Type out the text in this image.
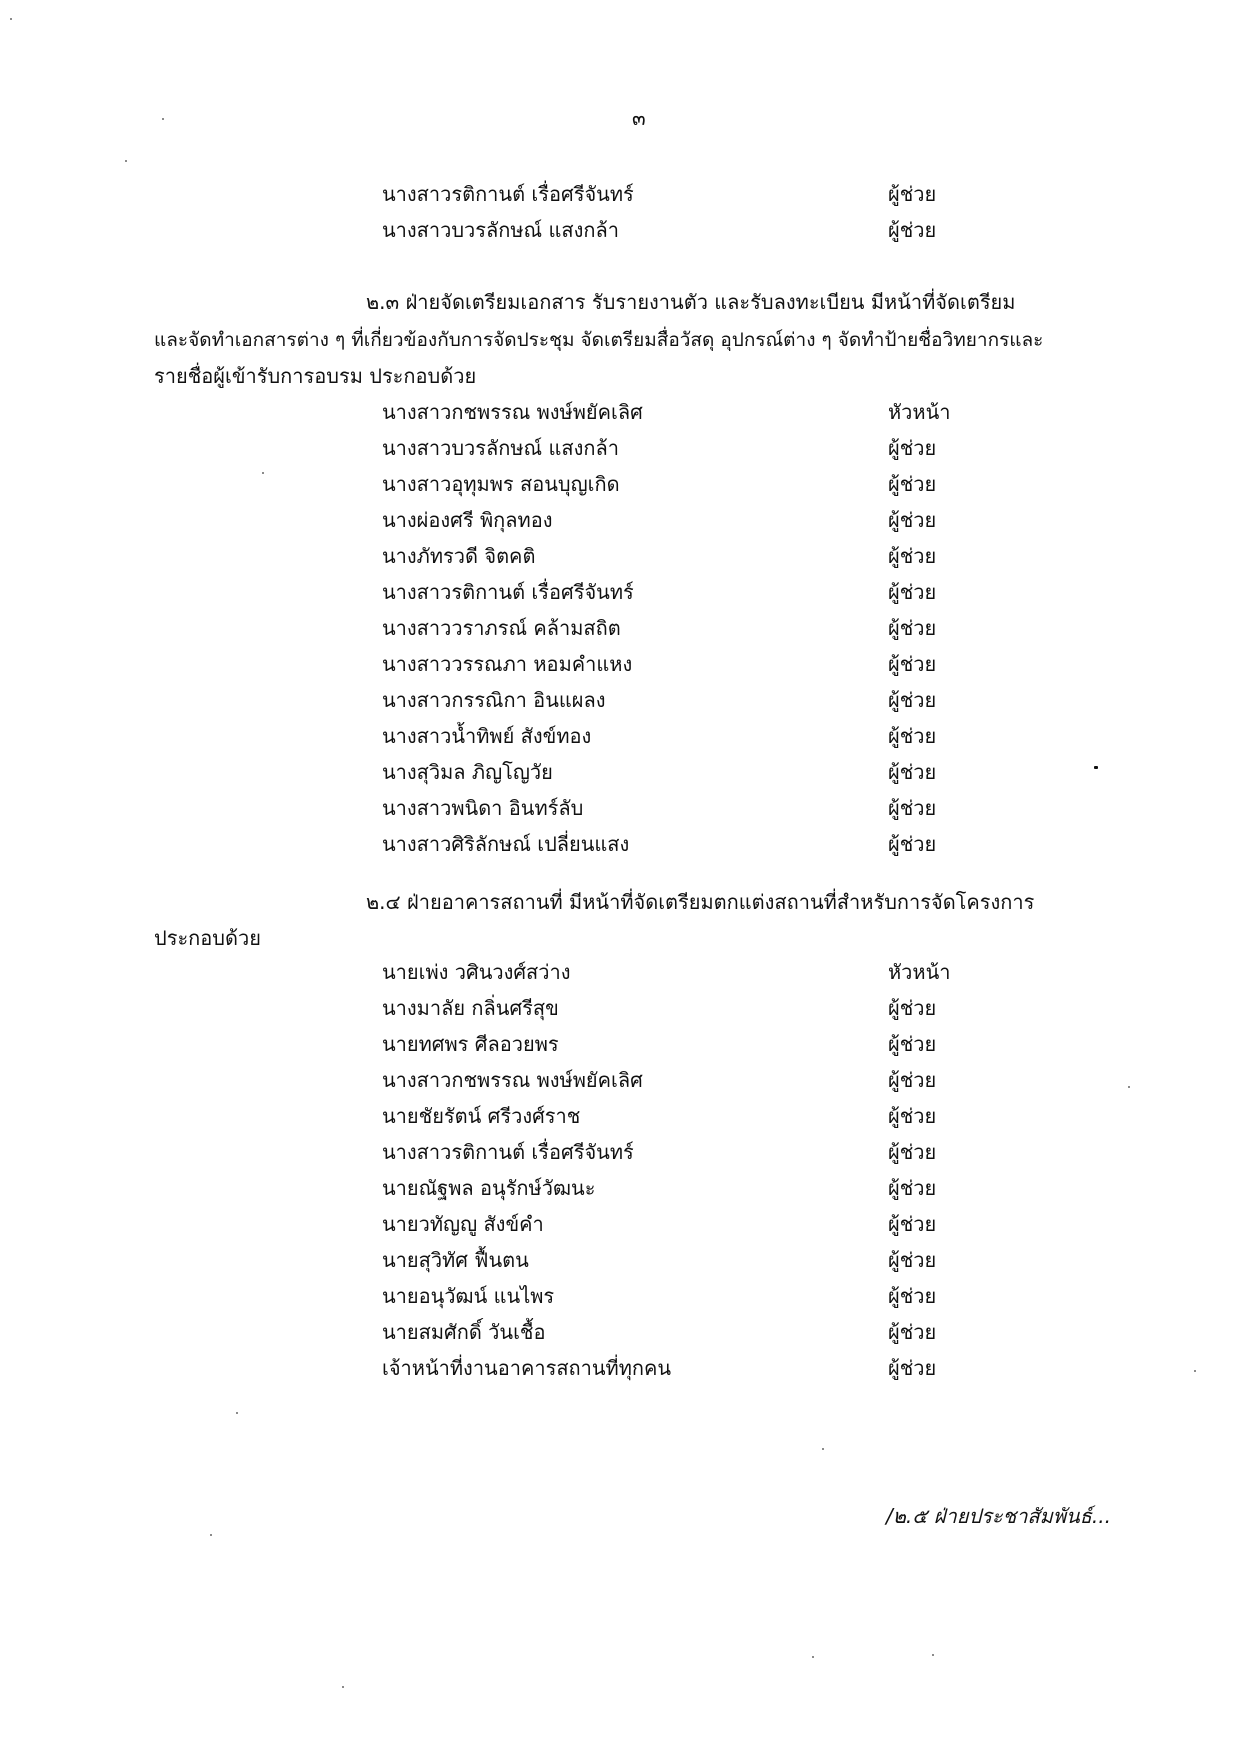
๓
นางสาวรติกานต์ เรื่อศรีจันทร์	ผู้ช่วย
นางสาวบวรลักษณ์ แสงกล้า	ผู้ช่วย
๒.๓ ฝ่ายจัดเตรียมเอกสาร รับรายงานตัว และรับลงทะเบียน มีหน้าที่จัดเตรียม
และจัดทำเอกสารต่าง ๆ ที่เกี่ยวข้องกับการจัดประชุม จัดเตรียมสื่อวัสดุ อุปกรณ์ต่าง ๆ จัดทำป้ายชื่อวิทยากรและ
รายชื่อผู้เข้ารับการอบรม ประกอบด้วย
นางสาวกชพรรณ พงษ์พยัคเลิศ	หัวหน้า
นางสาวบวรลักษณ์ แสงกล้า	ผู้ช่วย
นางสาวอุทุมพร สอนบุญเกิด	ผู้ช่วย
นางผ่องศรี พิกุลทอง	ผู้ช่วย
นางภัทรวดี จิตคติ	ผู้ช่วย
นางสาวรติกานต์ เรื่อศรีจันทร์	ผู้ช่วย
นางสาววราภรณ์ คล้ามสถิต	ผู้ช่วย
นางสาววรรณภา หอมคำแหง	ผู้ช่วย
นางสาวกรรณิกา อินแผลง	ผู้ช่วย
นางสาวน้ำทิพย์ สังข์ทอง	ผู้ช่วย
นางสุวิมล ภิญโญวัย	ผู้ช่วย
นางสาวพนิดา อินทร์ลับ	ผู้ช่วย
นางสาวศิริลักษณ์ เปลี่ยนแสง	ผู้ช่วย
๒.๔ ฝ่ายอาคารสถานที่ มีหน้าที่จัดเตรียมตกแต่งสถานที่สำหรับการจัดโครงการ
ประกอบด้วย
นายเพ่ง วศินวงศ์สว่าง	หัวหน้า
นางมาลัย กลิ่นศรีสุข	ผู้ช่วย
นายทศพร ศีลอวยพร	ผู้ช่วย
นางสาวกชพรรณ พงษ์พยัคเลิศ	ผู้ช่วย
นายชัยรัตน์ ศรีวงศ์ราช	ผู้ช่วย
นางสาวรติกานต์ เรื่อศรีจันทร์	ผู้ช่วย
นายณัฐพล อนุรักษ์วัฒนะ	ผู้ช่วย
นายวทัญญู สังข์คำ	ผู้ช่วย
นายสุวิทัศ ฟื้นตน	ผู้ช่วย
นายอนุวัฒน์ แนไพร	ผู้ช่วย
นายสมศักดิ์ วันเชื้อ	ผู้ช่วย
เจ้าหน้าที่งานอาคารสถานที่ทุกคน	ผู้ช่วย
/๒.๕ ฝ่ายประชาสัมพันธ์...
